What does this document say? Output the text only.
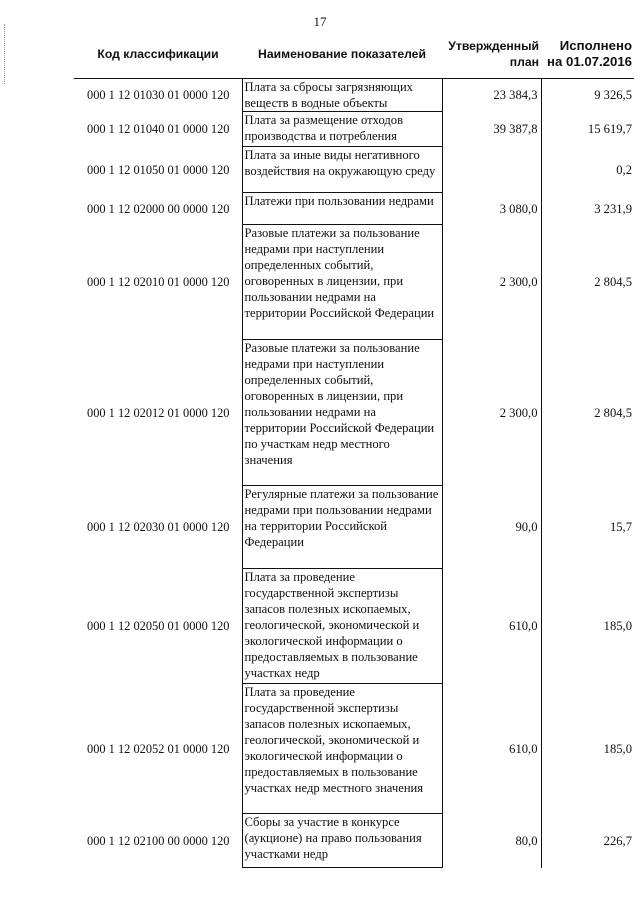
17
Код классификации	Наименование показателей	Утвержденный план	Исполнено на 01.07.2016
000 1 12 01030 01 0000 120	Плата за сбросы загрязняющих веществ в водные объекты	23 384,3	9 326,5
000 1 12 01040 01 0000 120	Плата за размещение отходов производства и потребления	39 387,8	15 619,7
000 1 12 01050 01 0000 120	Плата за иные виды негативного воздействия на окружающую среду		0,2
000 1 12 02000 00 0000 120	Платежи при пользовании недрами	3 080,0	3 231,9
000 1 12 02010 01 0000 120	Разовые платежи за пользование недрами при наступлении определенных событий, оговоренных в лицензии, при пользовании недрами на территории Российской Федерации	2 300,0	2 804,5
000 1 12 02012 01 0000 120	Разовые платежи за пользование недрами при наступлении определенных событий, оговоренных в лицензии, при пользовании недрами на территории Российской Федерации по участкам недр местного значения	2 300,0	2 804,5
000 1 12 02030 01 0000 120	Регулярные платежи за пользование недрами при пользовании недрами на территории Российской Федерации	90,0	15,7
000 1 12 02050 01 0000 120	Плата за проведение государственной экспертизы запасов полезных ископаемых, геологической, экономической и экологической информации о предоставляемых в пользование участках недр	610,0	185,0
000 1 12 02052 01 0000 120	Плата за проведение государственной экспертизы запасов полезных ископаемых, геологической, экономической и экологической информации о предоставляемых в пользование участках недр местного значения	610,0	185,0
000 1 12 02100 00 0000 120	Сборы за участие в конкурсе (аукционе) на право пользования участками недр	80,0	226,7
